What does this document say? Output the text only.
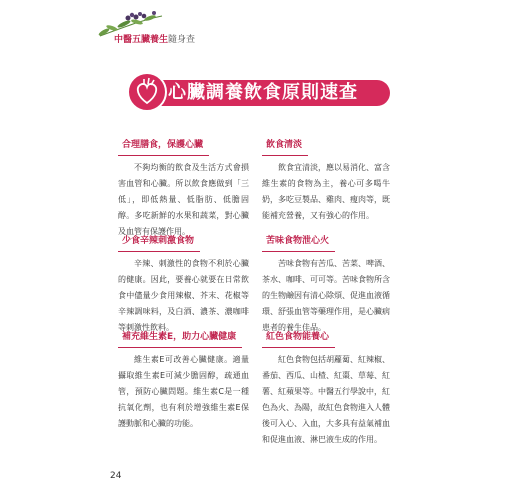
中醫五臟養生隨身查
心臟調養飲食原則速查
合理膳食，保護心臟
不夠均衡的飲食及生活方式會損害血管和心臟。所以飲食應做到「三低」，即低熱量、低脂肪、低膽固醇。多吃新鮮的水果和蔬菜，對心臟及血管有保護作用。
飲食清淡
飲食宜清淡，應以易消化、富含維生素的食物為主，養心可多喝牛奶，多吃豆製品、雞肉、瘦肉等，既能補充營養，又有強心的作用。
少食辛辣刺激食物
辛辣、刺激性的食物不利於心臟的健康。因此，要養心就要在日常飲食中儘量少食用辣椒、芥末、花椒等辛辣調味料，及白酒、濃茶、濃咖啡等刺激性飲料。
苦味食物泄心火
苦味食物有苦瓜、苦菜、啤酒、茶水、咖啡、可可等。苦味食物所含的生物鹼因有清心除煩、促進血液循環、舒張血管等藥理作用，是心臟病患者的養生佳品。
補充維生素E，助力心臟健康
維生素E可改善心臟健康。適量攝取維生素E可減少膽固醇，疏通血管，預防心臟問題。維生素C是一種抗氧化劑，也有利於增強維生素E保護動脈和心臟的功能。
紅色食物能養心
紅色食物包括胡蘿蔔、紅辣椒、番茄、西瓜、山楂、紅棗、草莓、紅薯、紅蘋果等。中醫五行學說中，紅色為火、為陽，故紅色食物進入人體後可入心、入血，大多具有益氣補血和促進血液、淋巴液生成的作用。
24
